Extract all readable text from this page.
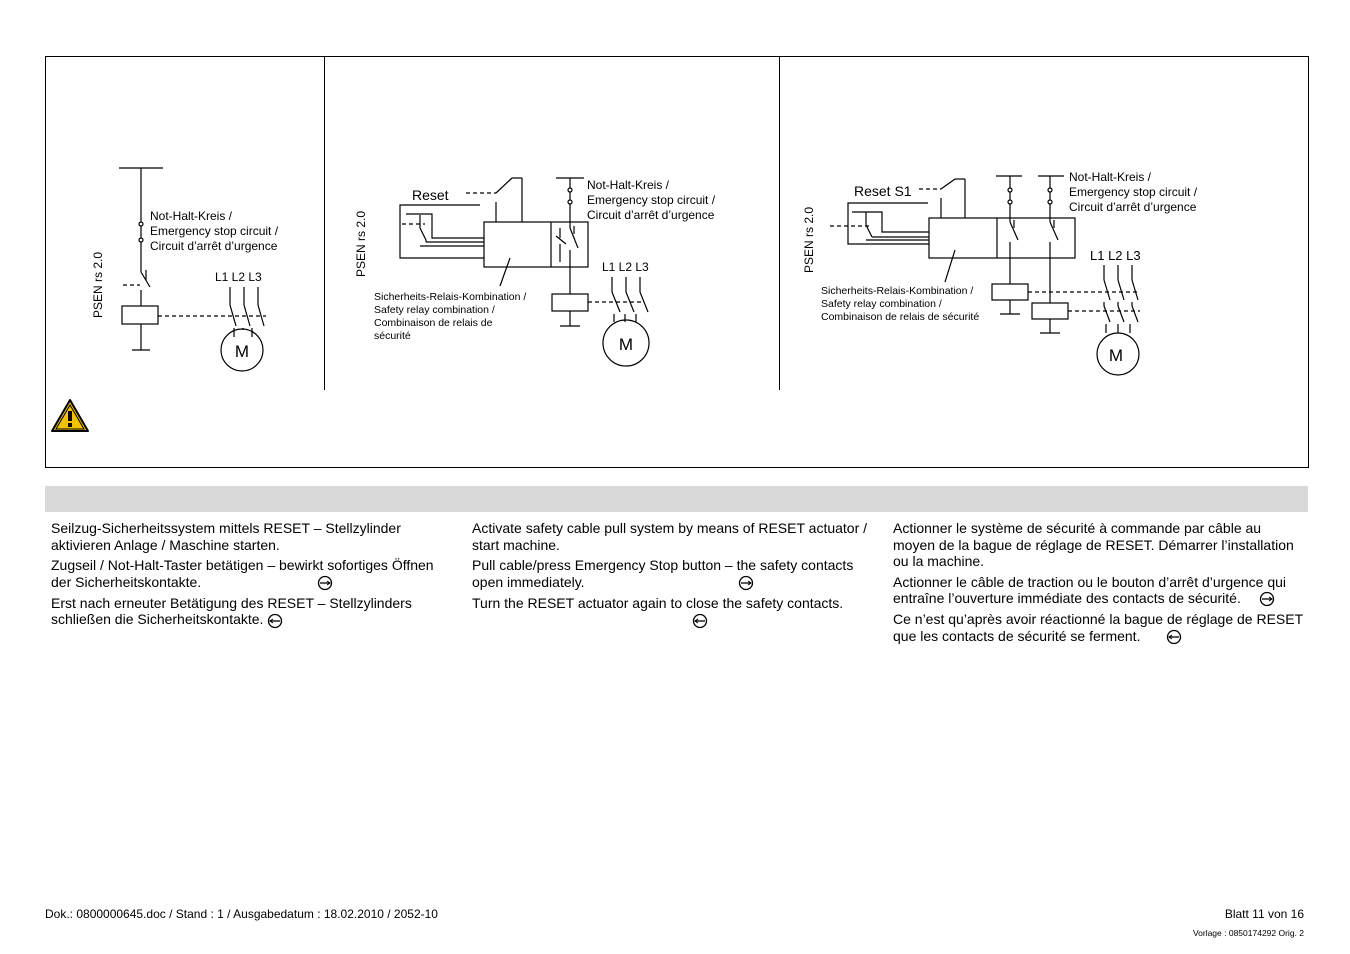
PSEN rs 2.0
Not-Halt-Kreis /
Emergency stop circuit /
Circuit d’arrêt d’urgence
L1 L2 L3
M
PSEN rs 2.0
Reset
Not-Halt-Kreis /
Emergency stop circuit /
Circuit d’arrêt d’urgence
Sicherheits-Relais-Kombination /
Safety relay combination /
Combinaison de relais de
sécurité
L1 L2 L3
M
PSEN rs 2.0
Reset S1
Not-Halt-Kreis /
Emergency stop circuit /
Circuit d’arrêt d’urgence
Sicherheits-Relais-Kombination /
Safety relay combination /
Combinaison de relais de sécurité
L1 L2 L3
M

Seilzug-Sicherheitssystem mittels RESET – Stellzylinder aktivieren Anlage / Maschine starten.

Zugseil / Not-Halt-Taster betätigen – bewirkt sofortiges Öffnen der Sicherheitskontakte.

Erst nach erneuter Betätigung des RESET – Stellzylinders schließen die Sicherheitskontakte.

Activate safety cable pull system by means of RESET actuator / start machine.

Pull cable/press Emergency Stop button – the safety contacts open immediately.

Turn the RESET actuator again to close the safety contacts.

Actionner le système de sécurité à commande par câble au moyen de la bague de réglage de RESET. Démarrer l’installation ou la machine.

Actionner le câble de traction ou le bouton d’arrêt d’urgence qui entraîne l’ouverture immédiate des contacts de sécurité.

Ce n’est qu’après avoir réactionné la bague de réglage de RESET que les contacts de sécurité se ferment.

Dok.: 0800000645.doc / Stand : 1 / Ausgabedatum : 18.02.2010 / 2052-10	Blatt 11 von 16
Vorlage : 0850174292 Orig. 2
